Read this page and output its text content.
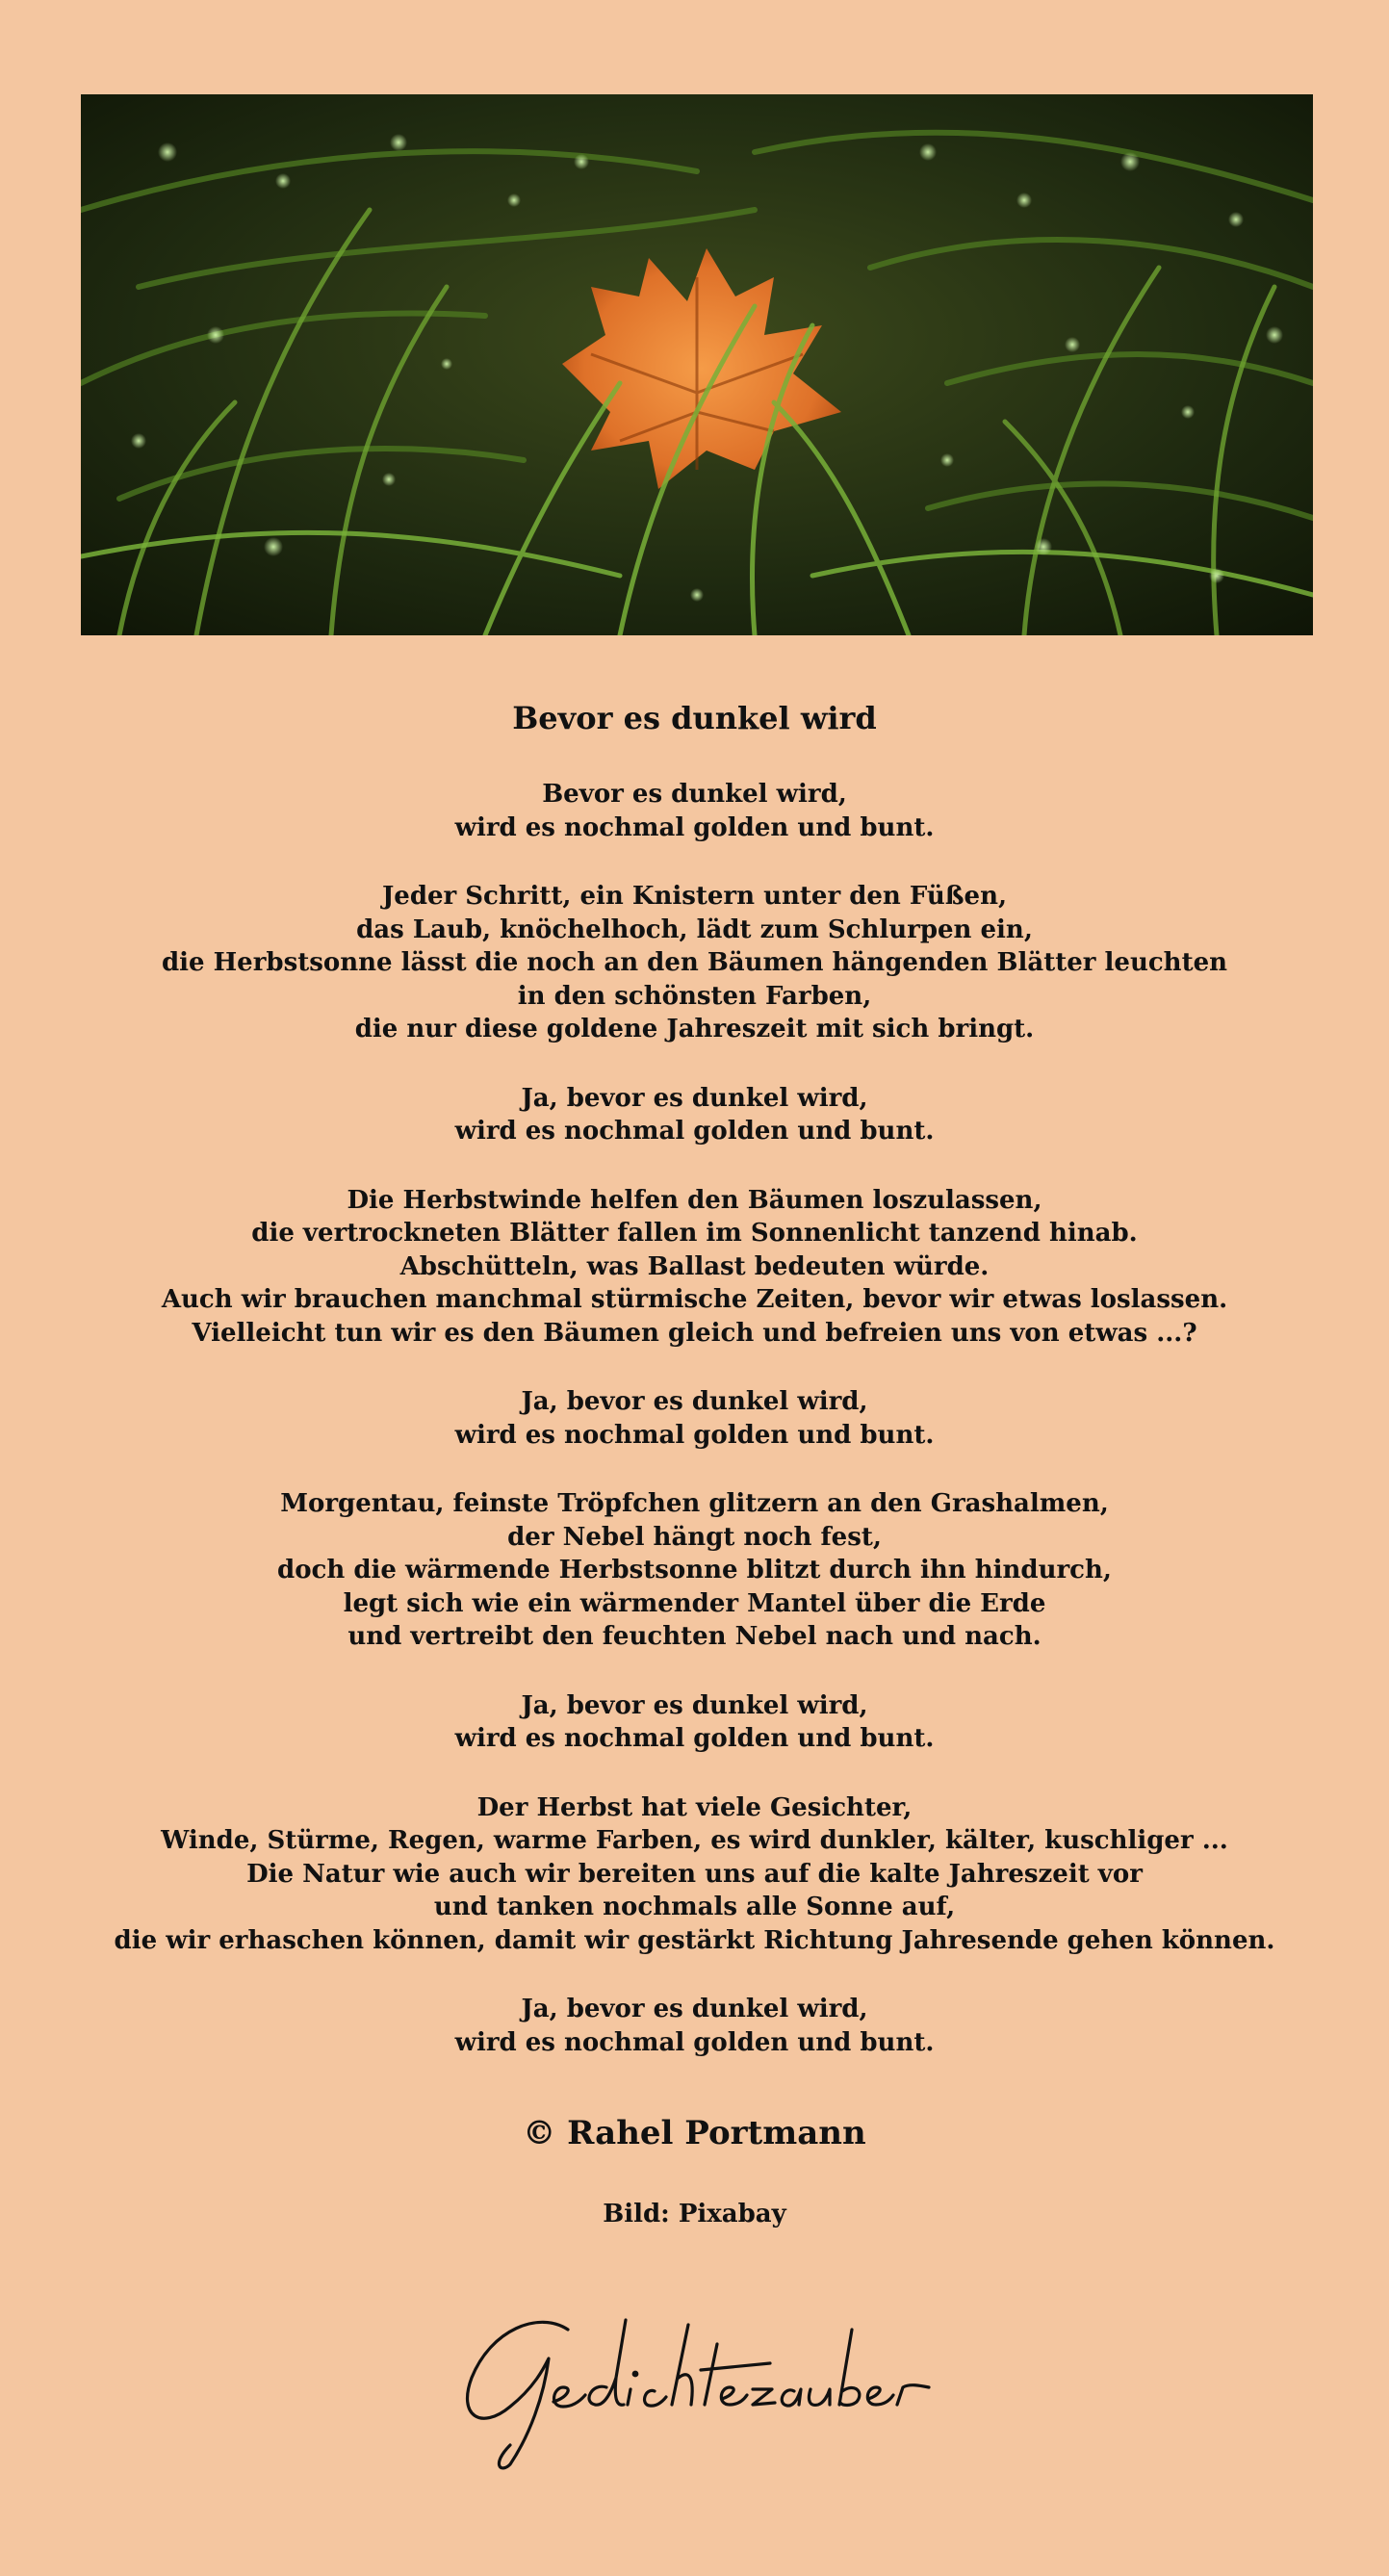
Bevor es dunkel wird
Bevor es dunkel wird,
wird es nochmal golden und bunt.
Jeder Schritt, ein Knistern unter den Füßen,
das Laub, knöchelhoch, lädt zum Schlurpen ein,
die Herbstsonne lässt die noch an den Bäumen hängenden Blätter leuchten
in den schönsten Farben,
die nur diese goldene Jahreszeit mit sich bringt.
Ja, bevor es dunkel wird,
wird es nochmal golden und bunt.
Die Herbstwinde helfen den Bäumen loszulassen,
die vertrockneten Blätter fallen im Sonnenlicht tanzend hinab.
Abschütteln, was Ballast bedeuten würde.
Auch wir brauchen manchmal stürmische Zeiten, bevor wir etwas loslassen.
Vielleicht tun wir es den Bäumen gleich und befreien uns von etwas ...?
Ja, bevor es dunkel wird,
wird es nochmal golden und bunt.
Morgentau, feinste Tröpfchen glitzern an den Grashalmen,
der Nebel hängt noch fest,
doch die wärmende Herbstsonne blitzt durch ihn hindurch,
legt sich wie ein wärmender Mantel über die Erde
und vertreibt den feuchten Nebel nach und nach.
Ja, bevor es dunkel wird,
wird es nochmal golden und bunt.
Der Herbst hat viele Gesichter,
Winde, Stürme, Regen, warme Farben, es wird dunkler, kälter, kuschliger ...
Die Natur wie auch wir bereiten uns auf die kalte Jahreszeit vor
und tanken nochmals alle Sonne auf,
die wir erhaschen können, damit wir gestärkt Richtung Jahresende gehen können.
Ja, bevor es dunkel wird,
wird es nochmal golden und bunt.
© Rahel Portmann
Bild: Pixabay
